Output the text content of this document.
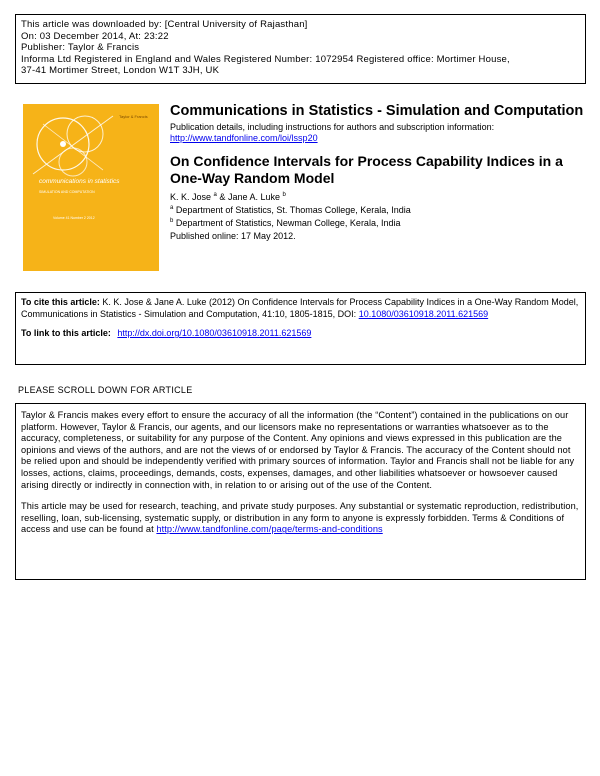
This article was downloaded by: [Central University of Rajasthan]
On: 03 December 2014, At: 23:22
Publisher: Taylor & Francis
Informa Ltd Registered in England and Wales Registered Number: 1072954 Registered office: Mortimer House,
37-41 Mortimer Street, London W1T 3JH, UK
Taylor & Francis
communications in statistics
SIMULATION AND COMPUTATION
Volume 41 Number 2 2012
Communications in Statistics - Simulation and Computation
Publication details, including instructions for authors and subscription information:
http://www.tandfonline.com/loi/lssp20
On Confidence Intervals for Process Capability Indices in a One-Way Random Model
K. K. Jose $^a$ & Jane A. Luke $^b$
$^a$ Department of Statistics, St. Thomas College, Kerala, India
$^b$ Department of Statistics, Newman College, Kerala, India
Published online: 17 May 2012.
To cite this article: K. K. Jose & Jane A. Luke (2012) On Confidence Intervals for Process Capability Indices in a One-Way Random Model, Communications in Statistics - Simulation and Computation, 41:10, 1805-1815, DOI: 10.1080/03610918.2011.621569
To link to this article: http://dx.doi.org/10.1080/03610918.2011.621569
PLEASE SCROLL DOWN FOR ARTICLE

Taylor & Francis makes every effort to ensure the accuracy of all the information (the “Content”) contained in the publications on our platform. However, Taylor & Francis, our agents, and our licensors make no representations or warranties whatsoever as to the accuracy, completeness, or suitability for any purpose of the Content. Any opinions and views expressed in this publication are the opinions and views of the authors, and are not the views of or endorsed by Taylor & Francis. The accuracy of the Content should not be relied upon and should be independently verified with primary sources of information. Taylor and Francis shall not be liable for any losses, actions, claims, proceedings, demands, costs, expenses, damages, and other liabilities whatsoever or howsoever caused arising directly or indirectly in connection with, in relation to or arising out of the use of the Content.

This article may be used for research, teaching, and private study purposes. Any substantial or systematic reproduction, redistribution, reselling, loan, sub-licensing, systematic supply, or distribution in any form to anyone is expressly forbidden. Terms & Conditions of access and use can be found at http://www.tandfonline.com/page/terms-and-conditions
